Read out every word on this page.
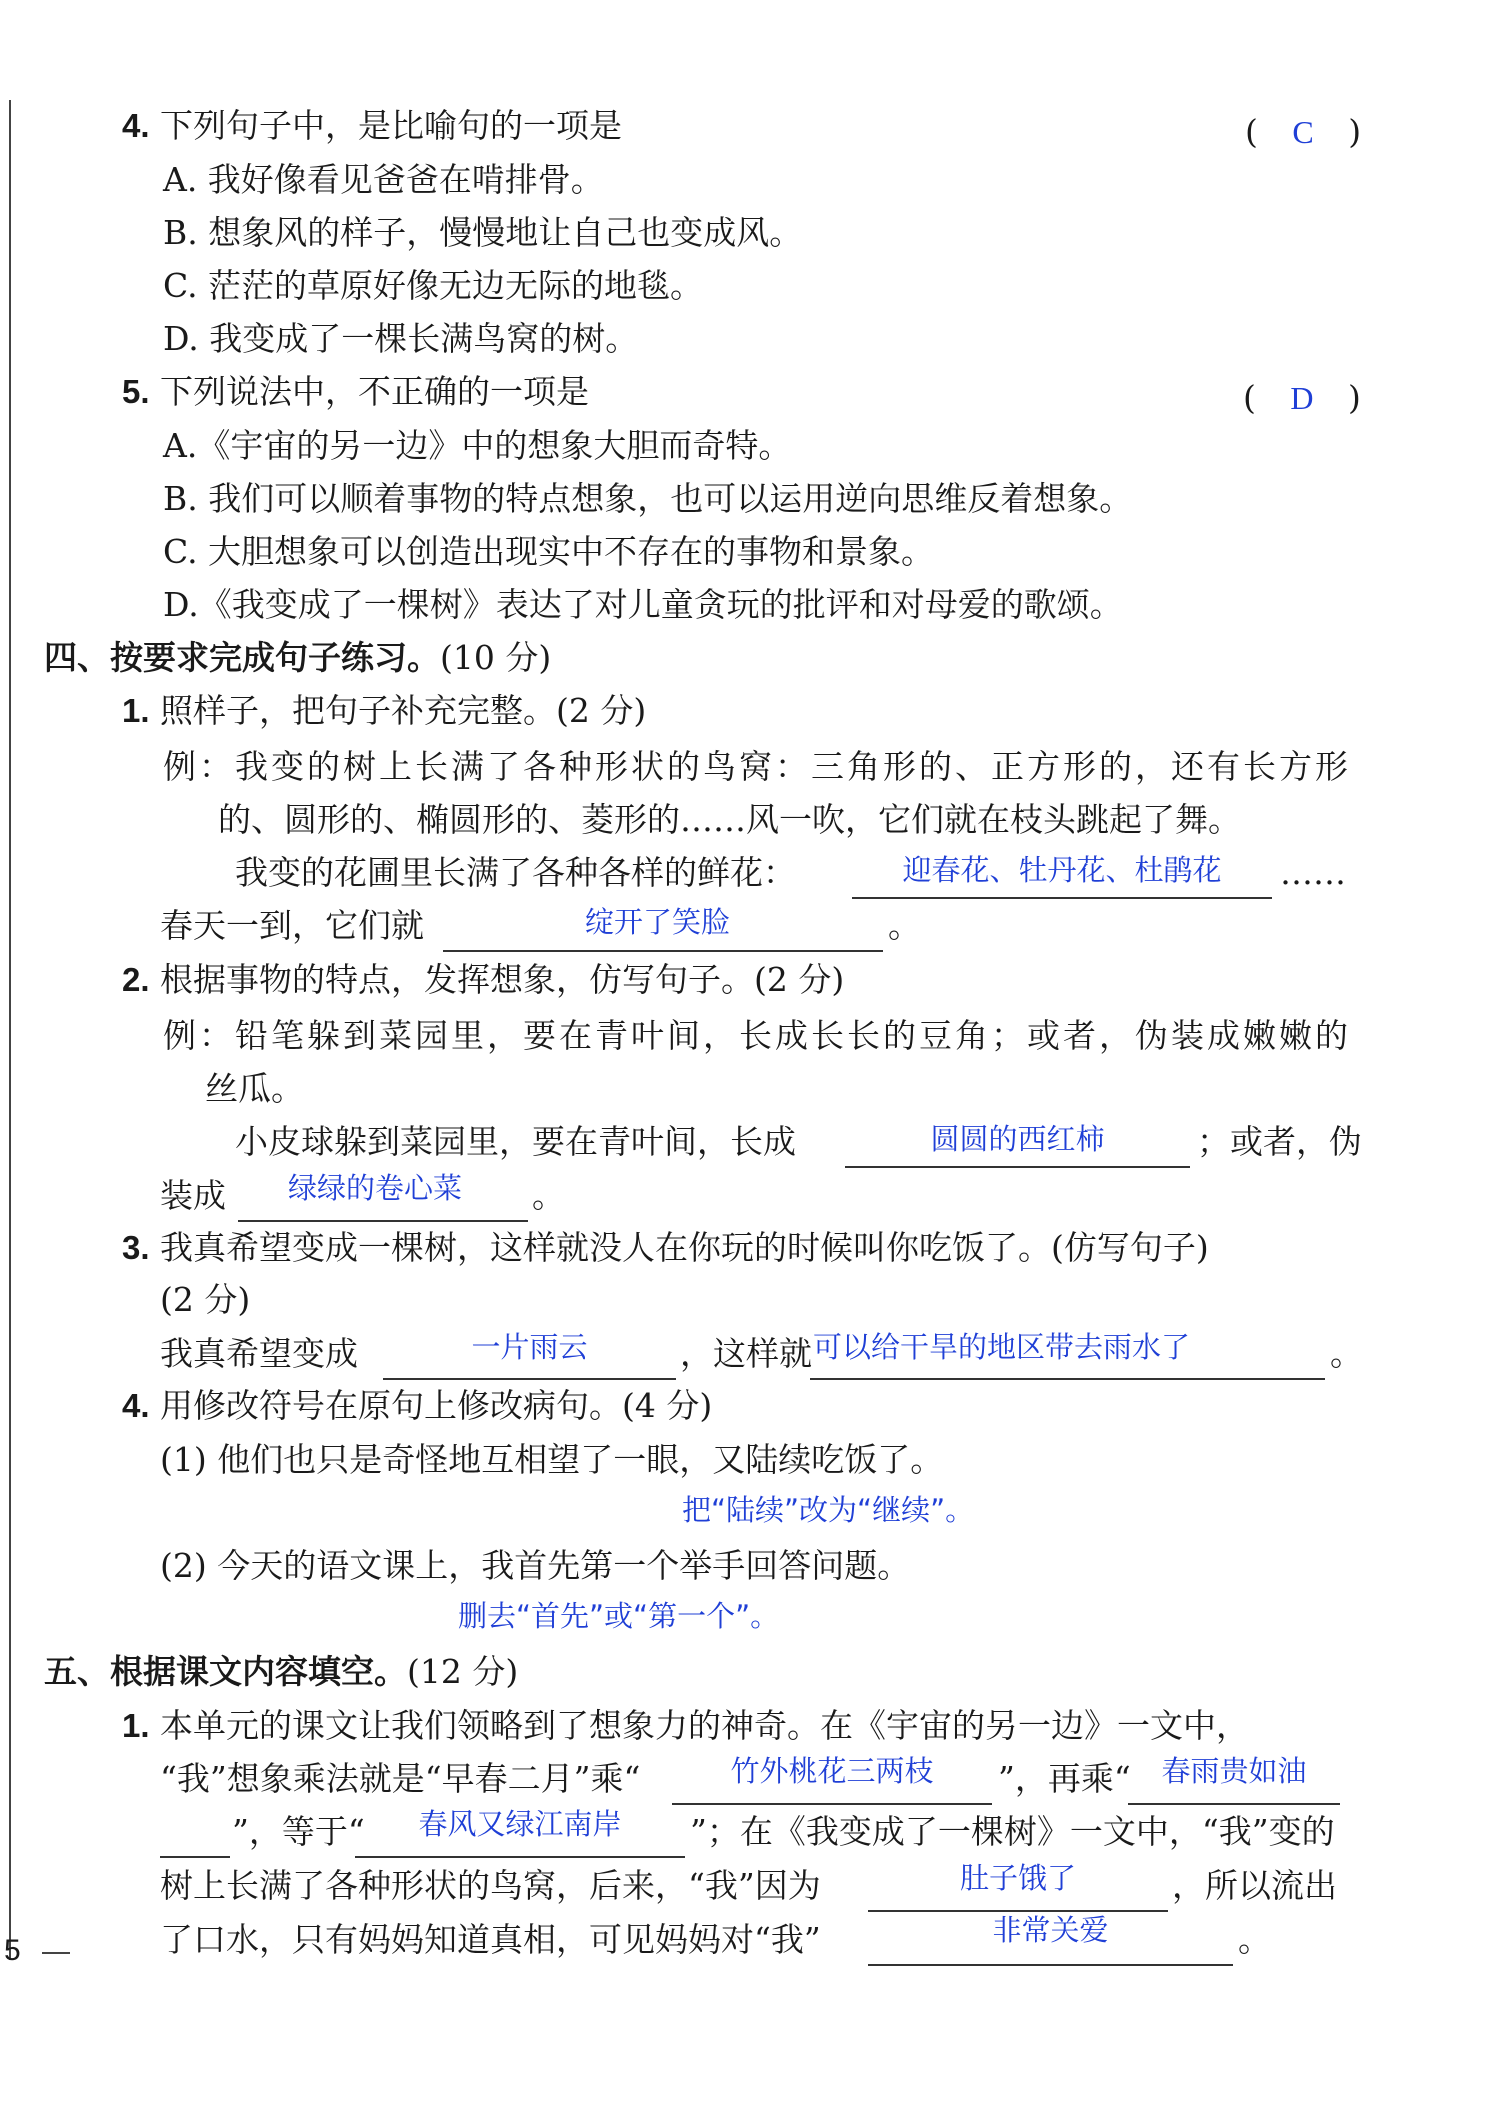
4. 下列句子中，是比喻句的一项是	( C )
A. 我好像看见爸爸在啃排骨。
B. 想象风的样子，慢慢地让自己也变成风。
C. 茫茫的草原好像无边无际的地毯。
D. 我变成了一棵长满鸟窝的树。
5. 下列说法中，不正确的一项是	( D )
A.《宇宙的另一边》中的想象大胆而奇特。
B. 我们可以顺着事物的特点想象，也可以运用逆向思维反着想象。
C. 大胆想象可以创造出现实中不存在的事物和景象。
D.《我变成了一棵树》表达了对儿童贪玩的批评和对母爱的歌颂。
四、按要求完成句子练习。(10 分)
1. 照样子，把句子补充完整。(2 分)
例：我变的树上长满了各种形状的鸟窝：三角形的、正方形的，还有长方形
的、圆形的、椭圆形的、菱形的……风一吹，它们就在枝头跳起了舞。
我变的花圃里长满了各种各样的鲜花：	迎春花、牡丹花、杜鹃花	……
春天一到，它们就	绽开了笑脸	。
2. 根据事物的特点，发挥想象，仿写句子。(2 分)
例：铅笔躲到菜园里，要在青叶间，长成长长的豆角；或者，伪装成嫩嫩的
丝瓜。
小皮球躲到菜园里，要在青叶间，长成	圆圆的西红柿	；或者，伪
装成 绿绿的卷心菜 。
3. 我真希望变成一棵树，这样就没人在你玩的时候叫你吃饭了。(仿写句子)
(2 分)
我真希望变成	一片雨云	，这样就 可以给干旱的地区带去雨水了	。
4. 用修改符号在原句上修改病句。(4 分)
(1) 他们也只是奇怪地互相望了一眼，又陆续吃饭了。
把“陆续”改为“继续”。
(2) 今天的语文课上，我首先第一个举手回答问题。
删去“首先”或“第一个”。
五、根据课文内容填空。(12 分)
1. 本单元的课文让我们领略到了想象力的神奇。在《宇宙的另一边》一文中，
“我”想象乘法就是“早春二月”乘“	竹外桃花三两枝	”，再乘“	春雨贵如油
”，等于“	春风又绿江南岸	”；在《我变成了一棵树》一文中，“我”变的
树上长满了各种形状的鸟窝，后来，“我”因为	肚子饿了	，所以流出
了口水，只有妈妈知道真相，可见妈妈对“我”	非常关爱	。
5
